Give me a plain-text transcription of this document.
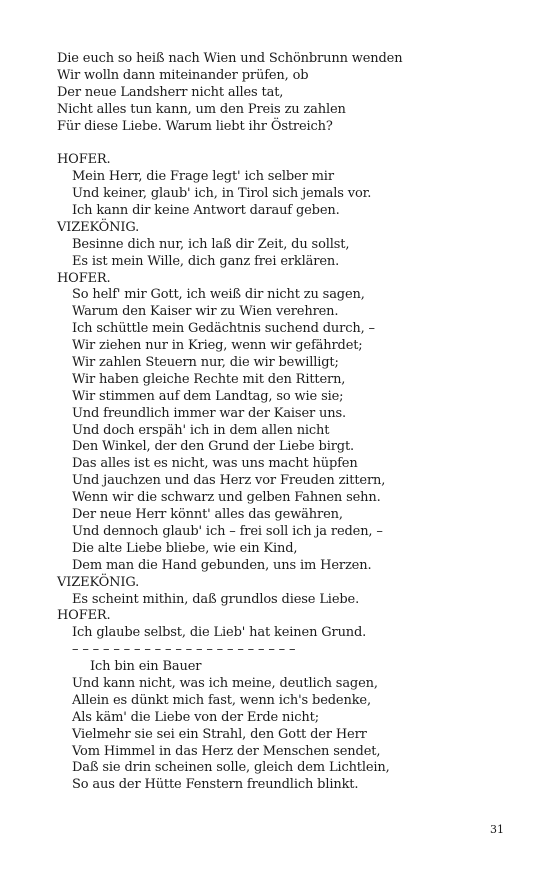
Die euch so heiß nach Wien und Schönbrunn wenden
Wir wolln dann miteinander prüfen, ob
Der neue Landsherr nicht alles tat,
Nicht alles tun kann, um den Preis zu zahlen
Für diese Liebe. Warum liebt ihr Östreich?
HOFER.
Mein Herr, die Frage legt' ich selber mir
Und keiner, glaub' ich, in Tirol sich jemals vor.
Ich kann dir keine Antwort darauf geben.
VIZEKÖNIG.
Besinne dich nur, ich laß dir Zeit, du sollst,
Es ist mein Wille, dich ganz frei erklären.
HOFER.
So helf' mir Gott, ich weiß dir nicht zu sagen,
Warum den Kaiser wir zu Wien verehren.
Ich schüttle mein Gedächtnis suchend durch, –
Wir ziehen nur in Krieg, wenn wir gefährdet;
Wir zahlen Steuern nur, die wir bewilligt;
Wir haben gleiche Rechte mit den Rittern,
Wir stimmen auf dem Landtag, so wie sie;
Und freundlich immer war der Kaiser uns.
Und doch erspäh' ich in dem allen nicht
Den Winkel, der den Grund der Liebe birgt.
Das alles ist es nicht, was uns macht hüpfen
Und jauchzen und das Herz vor Freuden zittern,
Wenn wir die schwarz und gelben Fahnen sehn.
Der neue Herr könnt' alles das gewähren,
Und dennoch glaub' ich – frei soll ich ja reden, –
Die alte Liebe bliebe, wie ein Kind,
Dem man die Hand gebunden, uns im Herzen.
VIZEKÖNIG.
Es scheint mithin, daß grundlos diese Liebe.
HOFER.
Ich glaube selbst, die Lieb' hat keinen Grund.
– – – – – – – – – – – – – – – – – – – – – –
Ich bin ein Bauer
Und kann nicht, was ich meine, deutlich sagen,
Allein es dünkt mich fast, wenn ich's bedenke,
Als käm' die Liebe von der Erde nicht;
Vielmehr sie sei ein Strahl, den Gott der Herr
Vom Himmel in das Herz der Menschen sendet,
Daß sie drin scheinen solle, gleich dem Lichtlein,
So aus der Hütte Fenstern freundlich blinkt.
31
